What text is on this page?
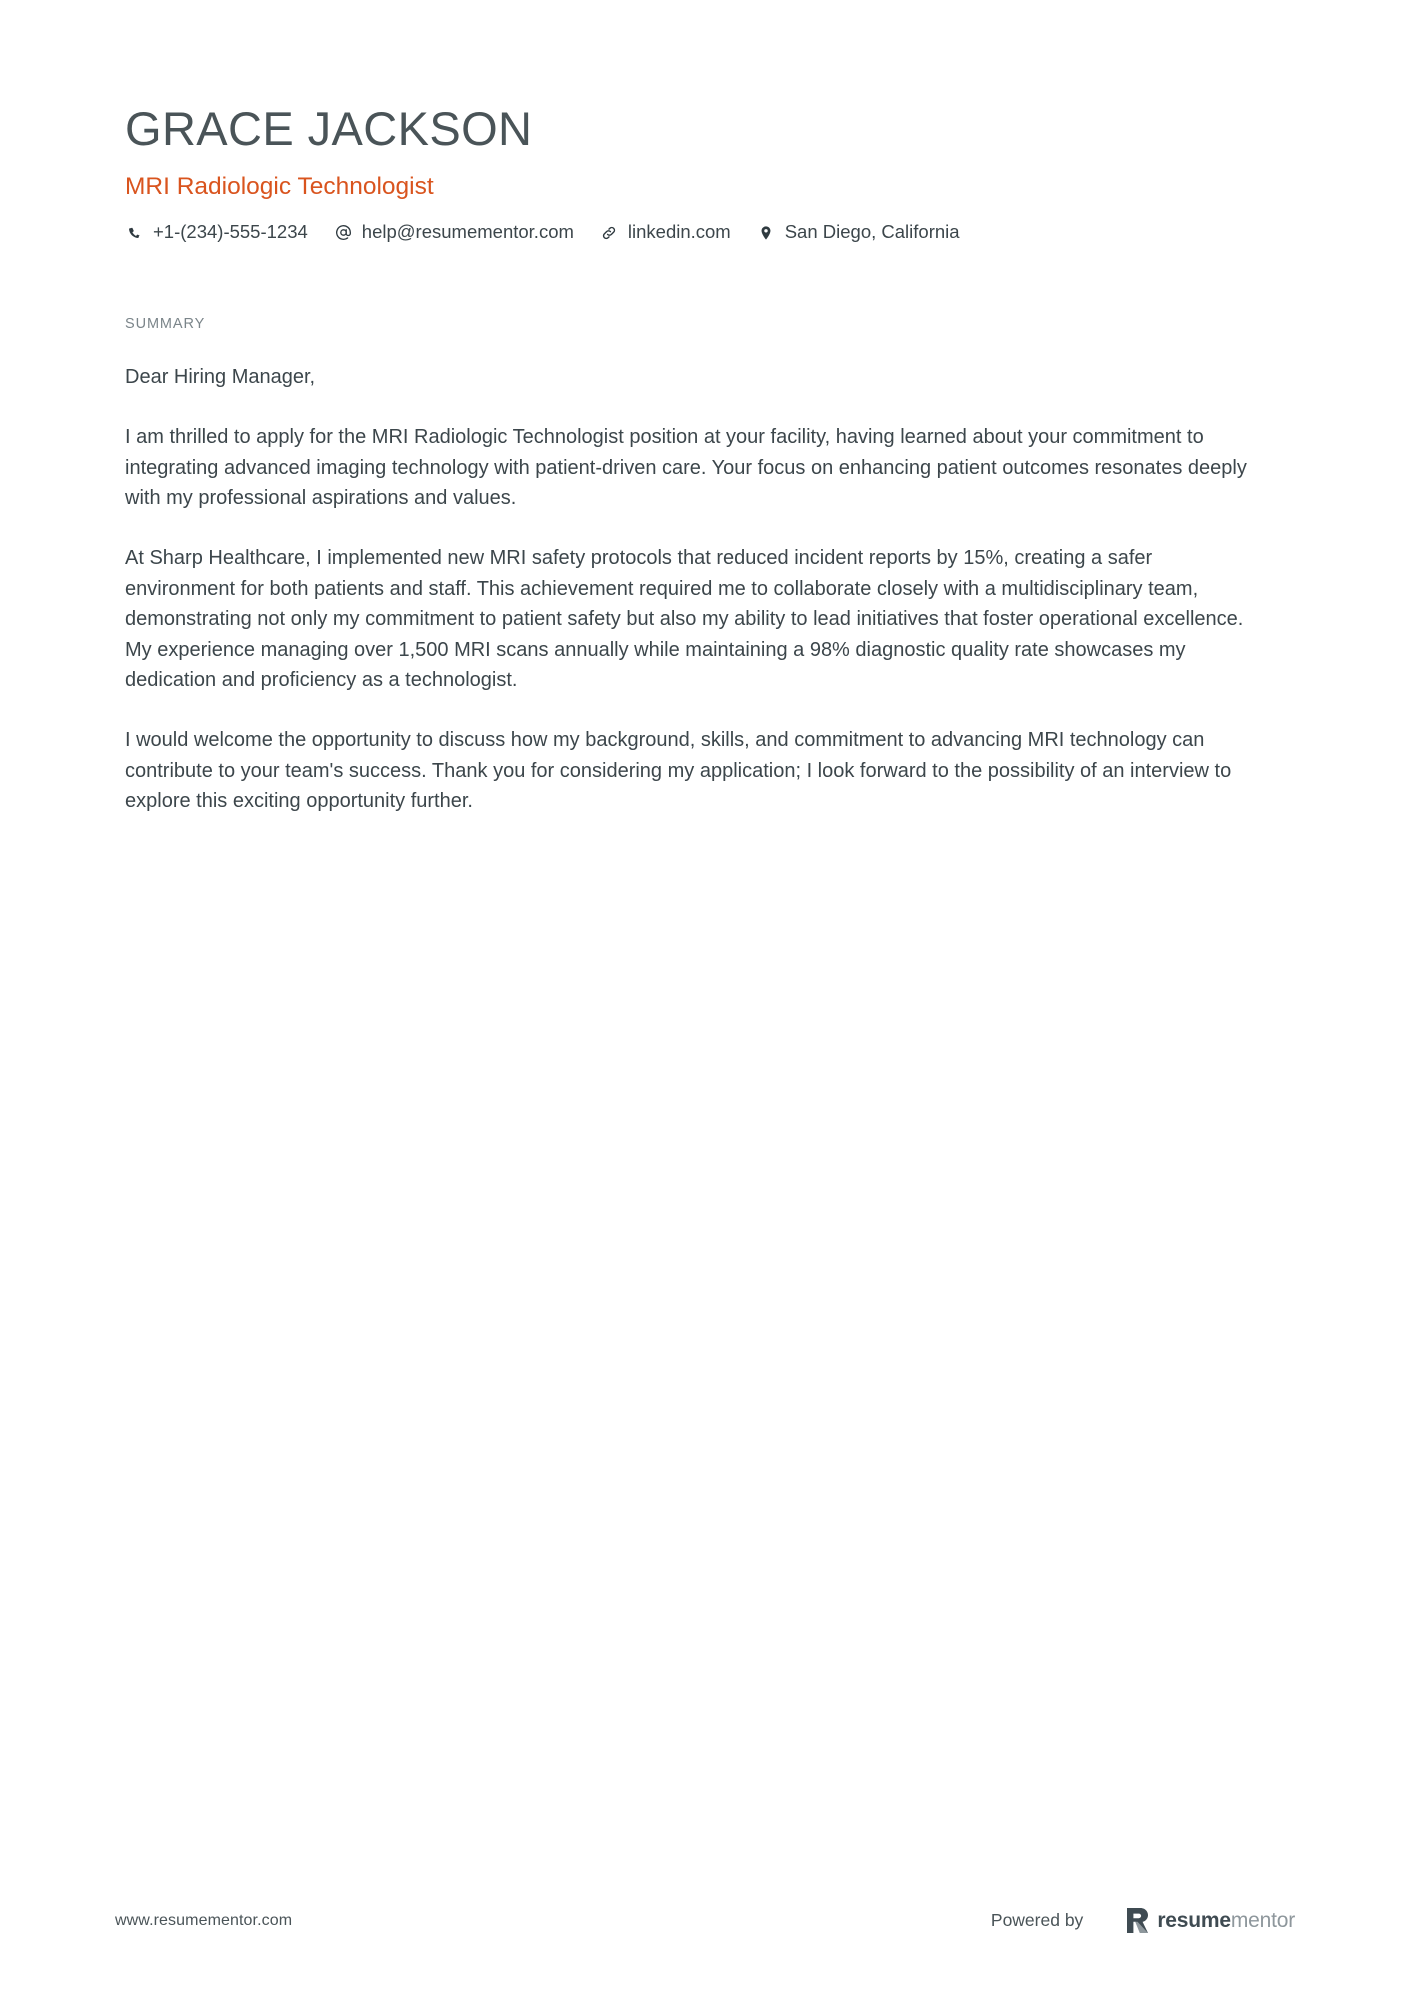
GRACE JACKSON
MRI Radiologic Technologist
+1-(234)-555-1234	help@resumementor.com	linkedin.com	San Diego, California
SUMMARY

Dear Hiring Manager,

I am thrilled to apply for the MRI Radiologic Technologist position at your facility, having learned about your commitment to integrating advanced imaging technology with patient-driven care. Your focus on enhancing patient outcomes resonates deeply with my professional aspirations and values.

At Sharp Healthcare, I implemented new MRI safety protocols that reduced incident reports by 15%, creating a safer environment for both patients and staff. This achievement required me to collaborate closely with a multidisciplinary team, demonstrating not only my commitment to patient safety but also my ability to lead initiatives that foster operational excellence. My experience managing over 1,500 MRI scans annually while maintaining a 98% diagnostic quality rate showcases my dedication and proficiency as a technologist.

I would welcome the opportunity to discuss how my background, skills, and commitment to advancing MRI technology can contribute to your team's success. Thank you for considering my application; I look forward to the possibility of an interview to explore this exciting opportunity further.

www.resumementor.com	Powered by	resumementor
